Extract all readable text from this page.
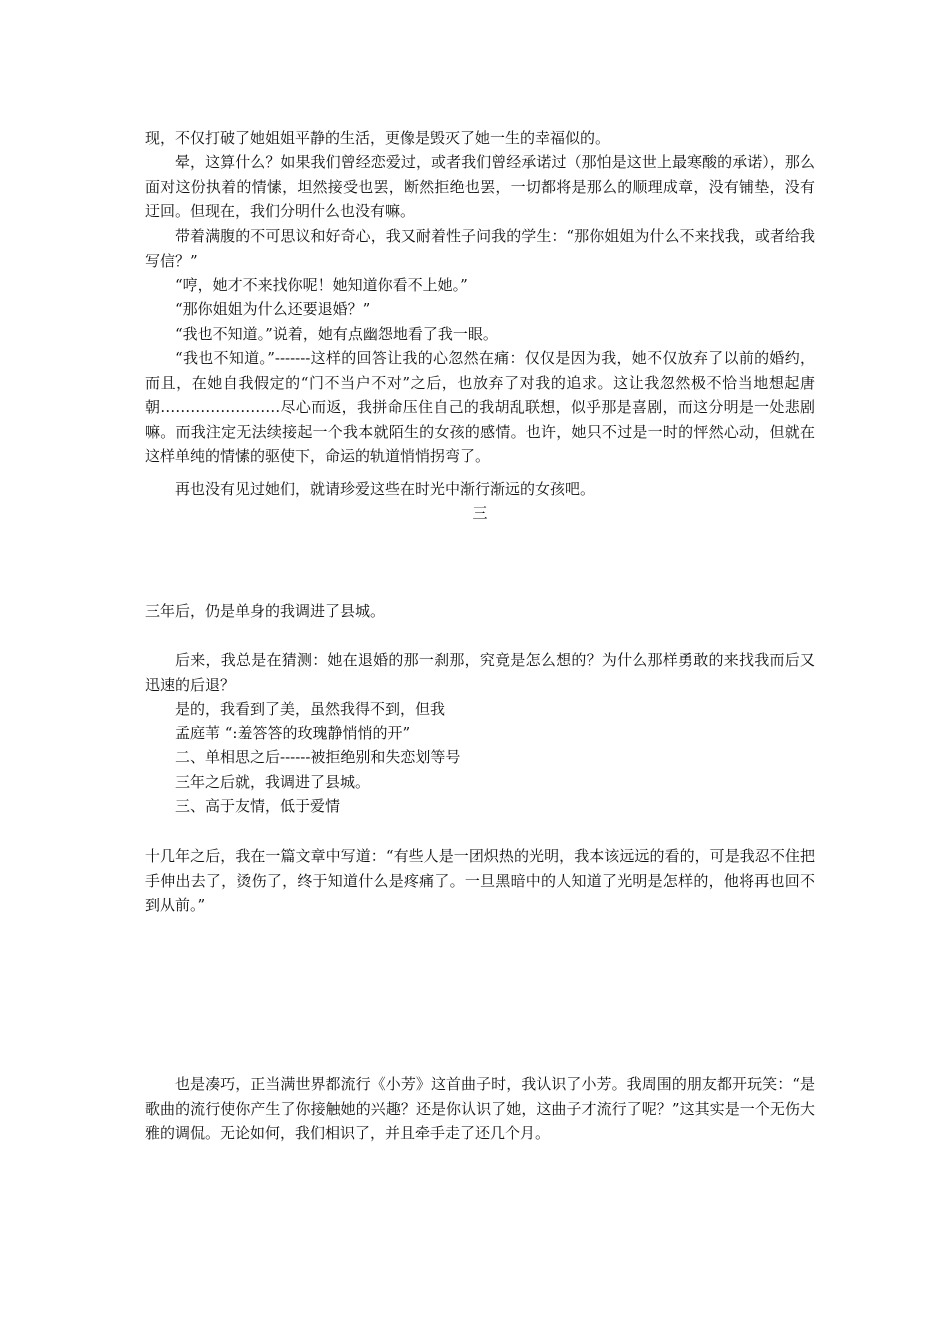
现，不仅打破了她姐姐平静的生活，更像是毁灭了她一生的幸福似的。

晕，这算什么？如果我们曾经恋爱过，或者我们曾经承诺过（那怕是这世上最寒酸的承诺），那么面对这份执着的情愫，坦然接受也罢，断然拒绝也罢，一切都将是那么的顺理成章，没有铺垫，没有迂回。但现在，我们分明什么也没有嘛。

带着满腹的不可思议和好奇心，我又耐着性子问我的学生：“那你姐姐为什么不来找我，或者给我写信？”

“哼，她才不来找你呢！她知道你看不上她。”

“那你姐姐为什么还要退婚？”

“我也不知道。”说着，她有点幽怨地看了我一眼。

“我也不知道。”-------这样的回答让我的心忽然在痛：仅仅是因为我，她不仅放弃了以前的婚约，而且，在她自我假定的“门不当户不对”之后，也放弃了对我的追求。这让我忽然极不恰当地想起唐朝……………………尽心而返，我拼命压住自己的我胡乱联想，似乎那是喜剧，而这分明是一处悲剧嘛。而我注定无法续接起一个我本就陌生的女孩的感情。也许，她只不过是一时的怦然心动，但就在这样单纯的情愫的驱使下，命运的轨道悄悄拐弯了。

再也没有见过她们，就请珍爱这些在时光中渐行渐远的女孩吧。

三

三年后，仍是单身的我调进了县城。

后来，我总是在猜测：她在退婚的那一刹那，究竟是怎么想的？为什么那样勇敢的来找我而后又迅速的后退？

是的，我看到了美，虽然我得不到，但我

孟庭苇 “:羞答答的玫瑰静悄悄的开”

二、单相思之后------被拒绝别和失恋划等号

三年之后就，我调进了县城。

三、高于友情，低于爱情

十几年之后，我在一篇文章中写道：“有些人是一团炽热的光明，我本该远远的看的，可是我忍不住把手伸出去了，烫伤了，终于知道什么是疼痛了。一旦黑暗中的人知道了光明是怎样的，他将再也回不到从前。”

也是凑巧，正当满世界都流行《小芳》这首曲子时，我认识了小芳。我周围的朋友都开玩笑：“是歌曲的流行使你产生了你接触她的兴趣？还是你认识了她，这曲子才流行了呢？”这其实是一个无伤大雅的调侃。无论如何，我们相识了，并且牵手走了还几个月。
